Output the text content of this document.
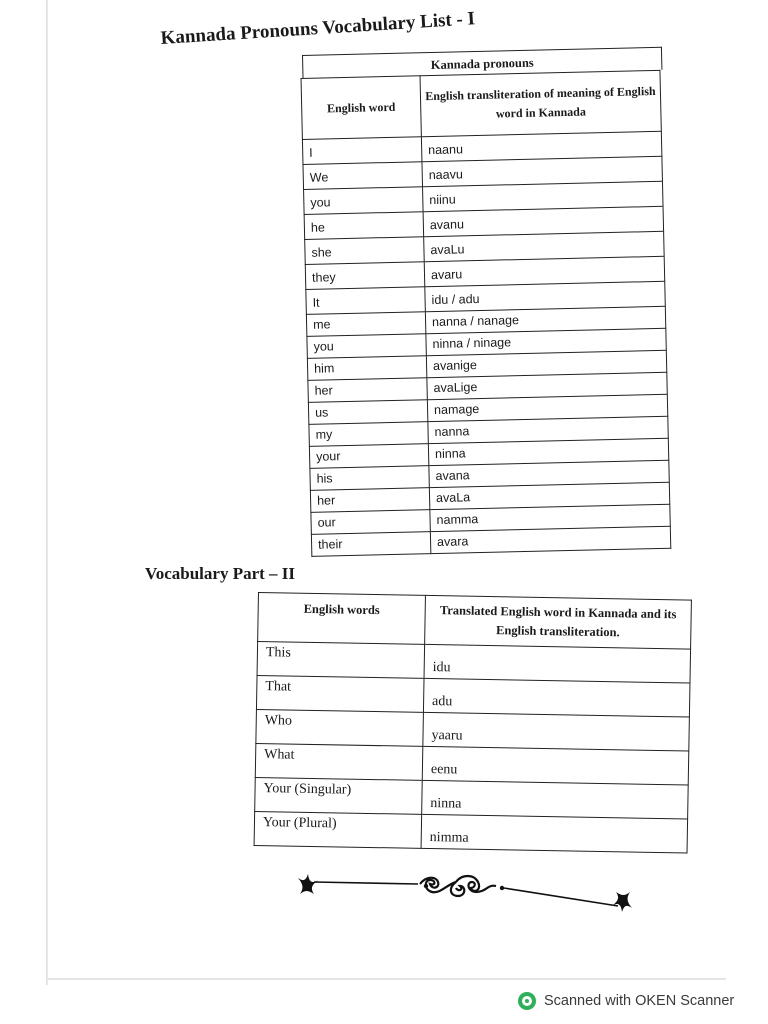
Kannada Pronouns Vocabulary List - I
Kannada pronouns
English word	English transliteration of meaning of English word in Kannada
I	naanu
We	naavu
you	niinu
he	avanu
she	avaLu
they	avaru
It	idu / adu
me	nanna / nanage
you	ninna / ninage
him	avanige
her	avaLige
us	namage
my	nanna
your	ninna
his	avana
her	avaLa
our	namma
their	avara
Vocabulary Part – II
English words	Translated English word in Kannada and its English transliteration.
This	idu
That	adu
Who	yaaru
What	eenu
Your (Singular)	ninna
Your (Plural)	nimma
Scanned with OKEN Scanner
